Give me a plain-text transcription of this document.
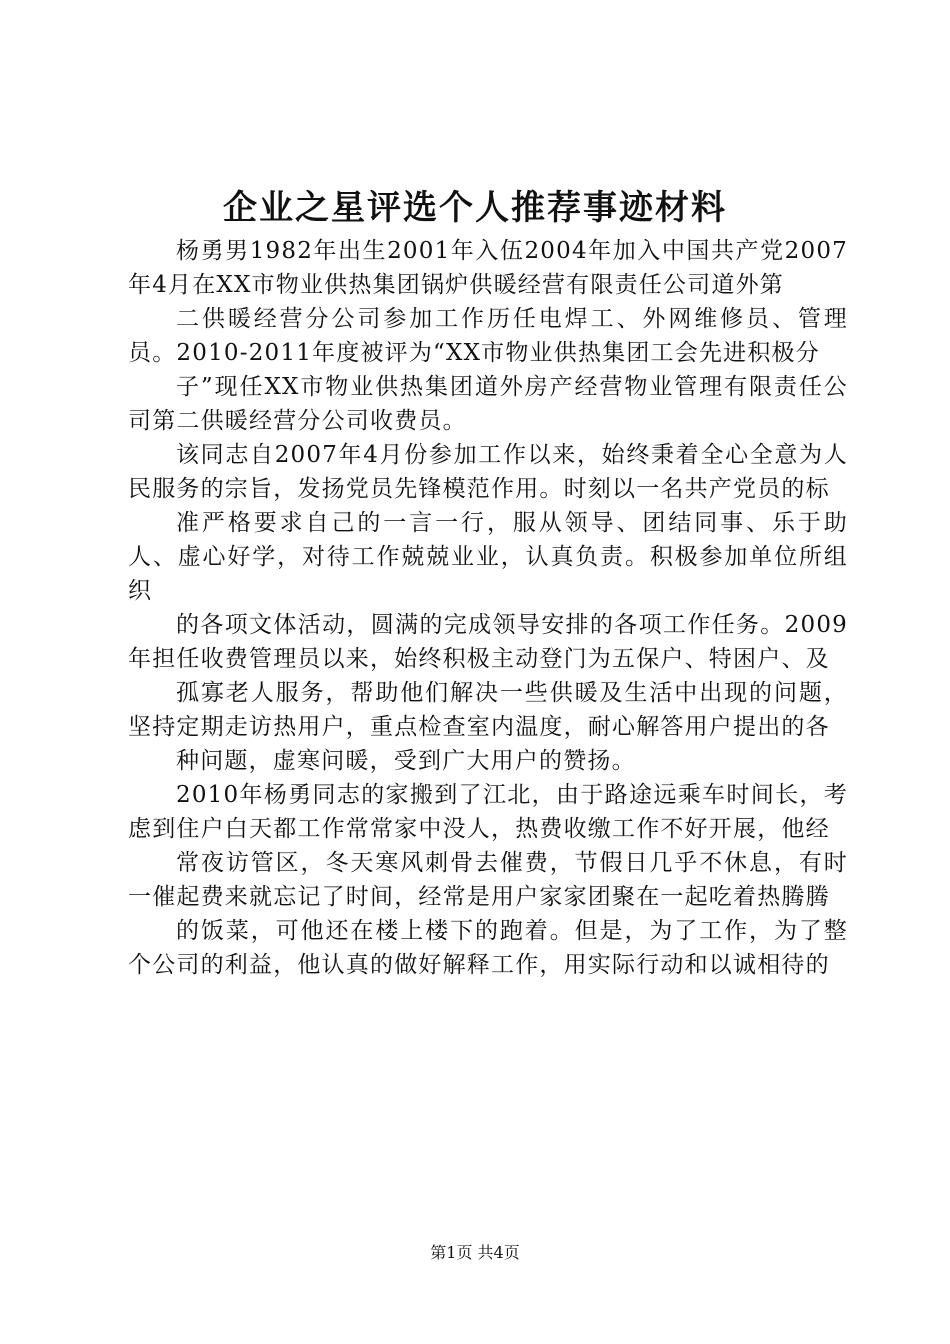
企业之星评选个人推荐事迹材料

杨勇男1982年出生2001年入伍2004年加入中国共产党2007年4月在XX市物业供热集团锅炉供暖经营有限责任公司道外第

二供暖经营分公司参加工作历任电焊工、外网维修员、管理员。2010-2011年度被评为“XX市物业供热集团工会先进积极分

子”现任XX市物业供热集团道外房产经营物业管理有限责任公司第二供暖经营分公司收费员。

该同志自2007年4月份参加工作以来，始终秉着全心全意为人民服务的宗旨，发扬党员先锋模范作用。时刻以一名共产党员的标

准严格要求自己的一言一行，服从领导、团结同事、乐于助人、虚心好学，对待工作兢兢业业，认真负责。积极参加单位所组织

的各项文体活动，圆满的完成领导安排的各项工作任务。2009年担任收费管理员以来，始终积极主动登门为五保户、特困户、及

孤寡老人服务，帮助他们解决一些供暖及生活中出现的问题，坚持定期走访热用户，重点检查室内温度，耐心解答用户提出的各

种问题，虚寒问暖，受到广大用户的赞扬。

2010年杨勇同志的家搬到了江北，由于路途远乘车时间长，考虑到住户白天都工作常常家中没人，热费收缴工作不好开展，他经

常夜访管区，冬天寒风刺骨去催费，节假日几乎不休息，有时一催起费来就忘记了时间，经常是用户家家团聚在一起吃着热腾腾

的饭菜，可他还在楼上楼下的跑着。但是，为了工作，为了整个公司的利益，他认真的做好解释工作，用实际行动和以诚相待的

第1页 共4页
